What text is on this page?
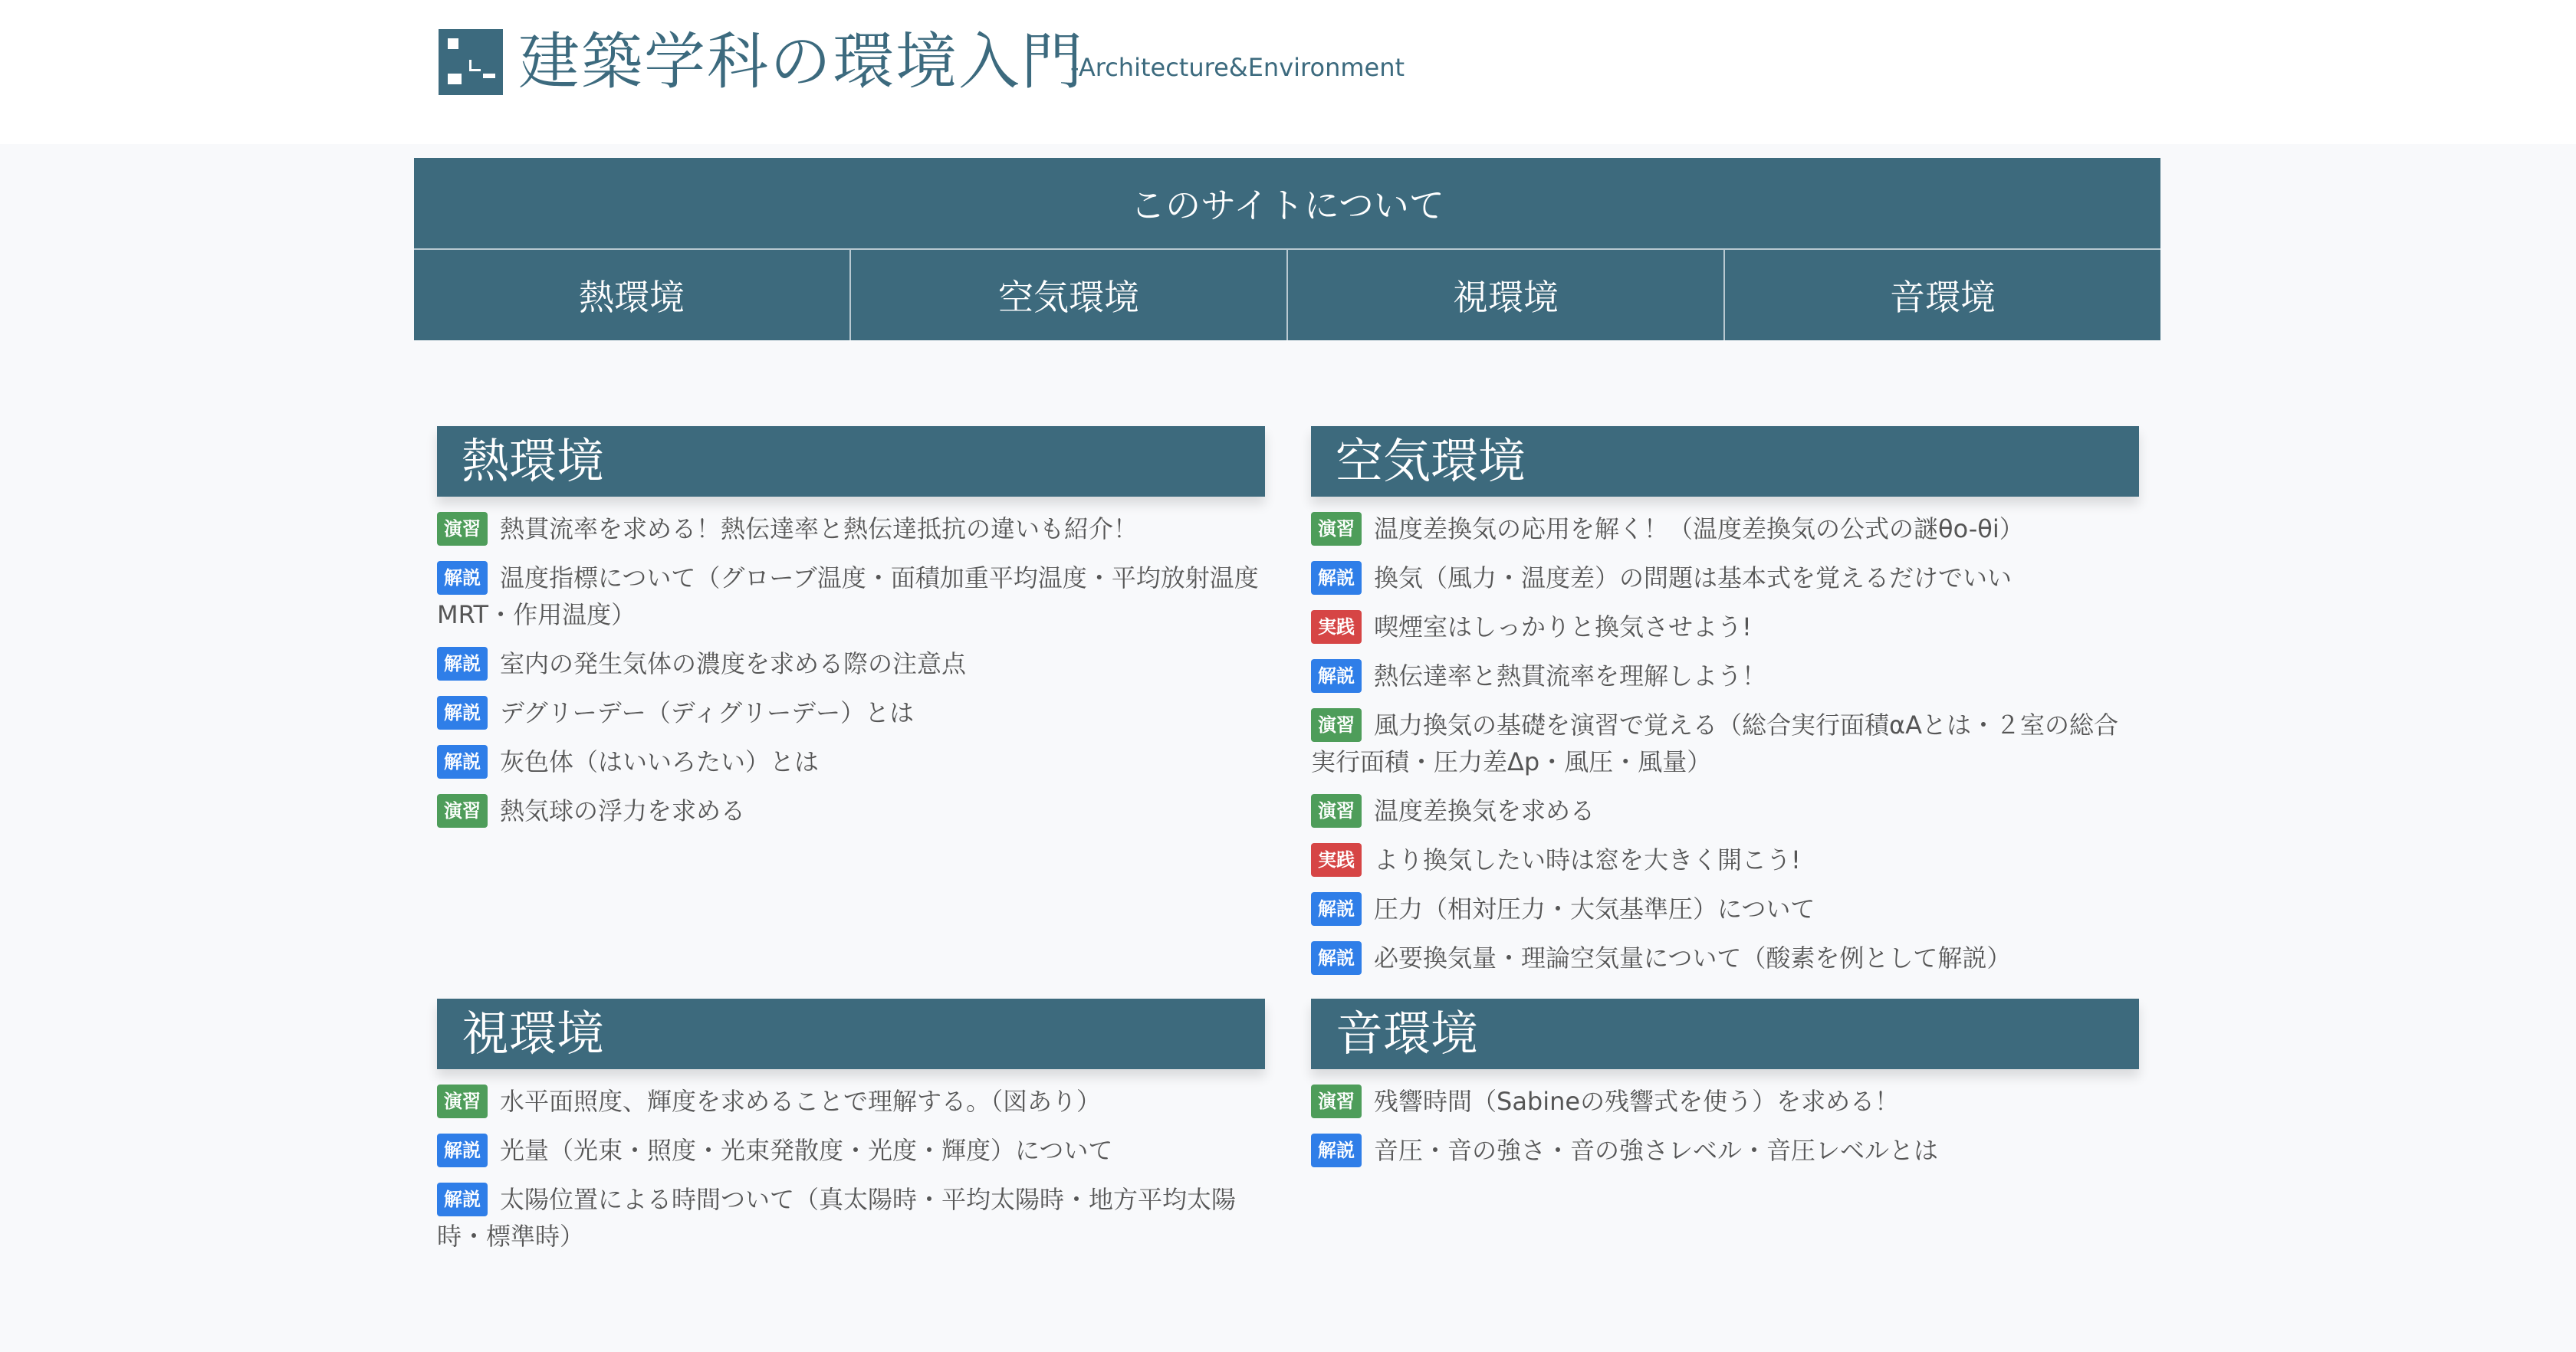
建築学科の環境入門
-Architecture&Environment
このサイトについて
熱環境	空気環境	視環境	音環境
熱環境
演習 熱貫流率を求める！熱伝達率と熱伝達抵抗の違いも紹介！
解説 温度指標について（グローブ温度・面積加重平均温度・平均放射温度MRT・作用温度）
解説 室内の発生気体の濃度を求める際の注意点
解説 デグリーデー（ディグリーデー）とは
解説 灰色体（はいいろたい）とは
演習 熱気球の浮力を求める
空気環境
演習 温度差換気の応用を解く！（温度差換気の公式の謎θo-θi）
解説 換気（風力・温度差）の問題は基本式を覚えるだけでいい
実践 喫煙室はしっかりと換気させよう!
解説 熱伝達率と熱貫流率を理解しよう！
演習 風力換気の基礎を演習で覚える（総合実行面積αAとは・２室の総合実行面積・圧力差Δp・風圧・風量）
演習 温度差換気を求める
実践 より換気したい時は窓を大きく開こう!
解説 圧力（相対圧力・大気基準圧）について
解説 必要換気量・理論空気量について（酸素を例として解説）
視環境
演習 水平面照度、輝度を求めることで理解する。（図あり）
解説 光量（光束・照度・光束発散度・光度・輝度）について
解説 太陽位置による時間ついて（真太陽時・平均太陽時・地方平均太陽時・標準時）
音環境
演習 残響時間（Sabineの残響式を使う）を求める！
解説 音圧・音の強さ・音の強さレベル・音圧レベルとは
